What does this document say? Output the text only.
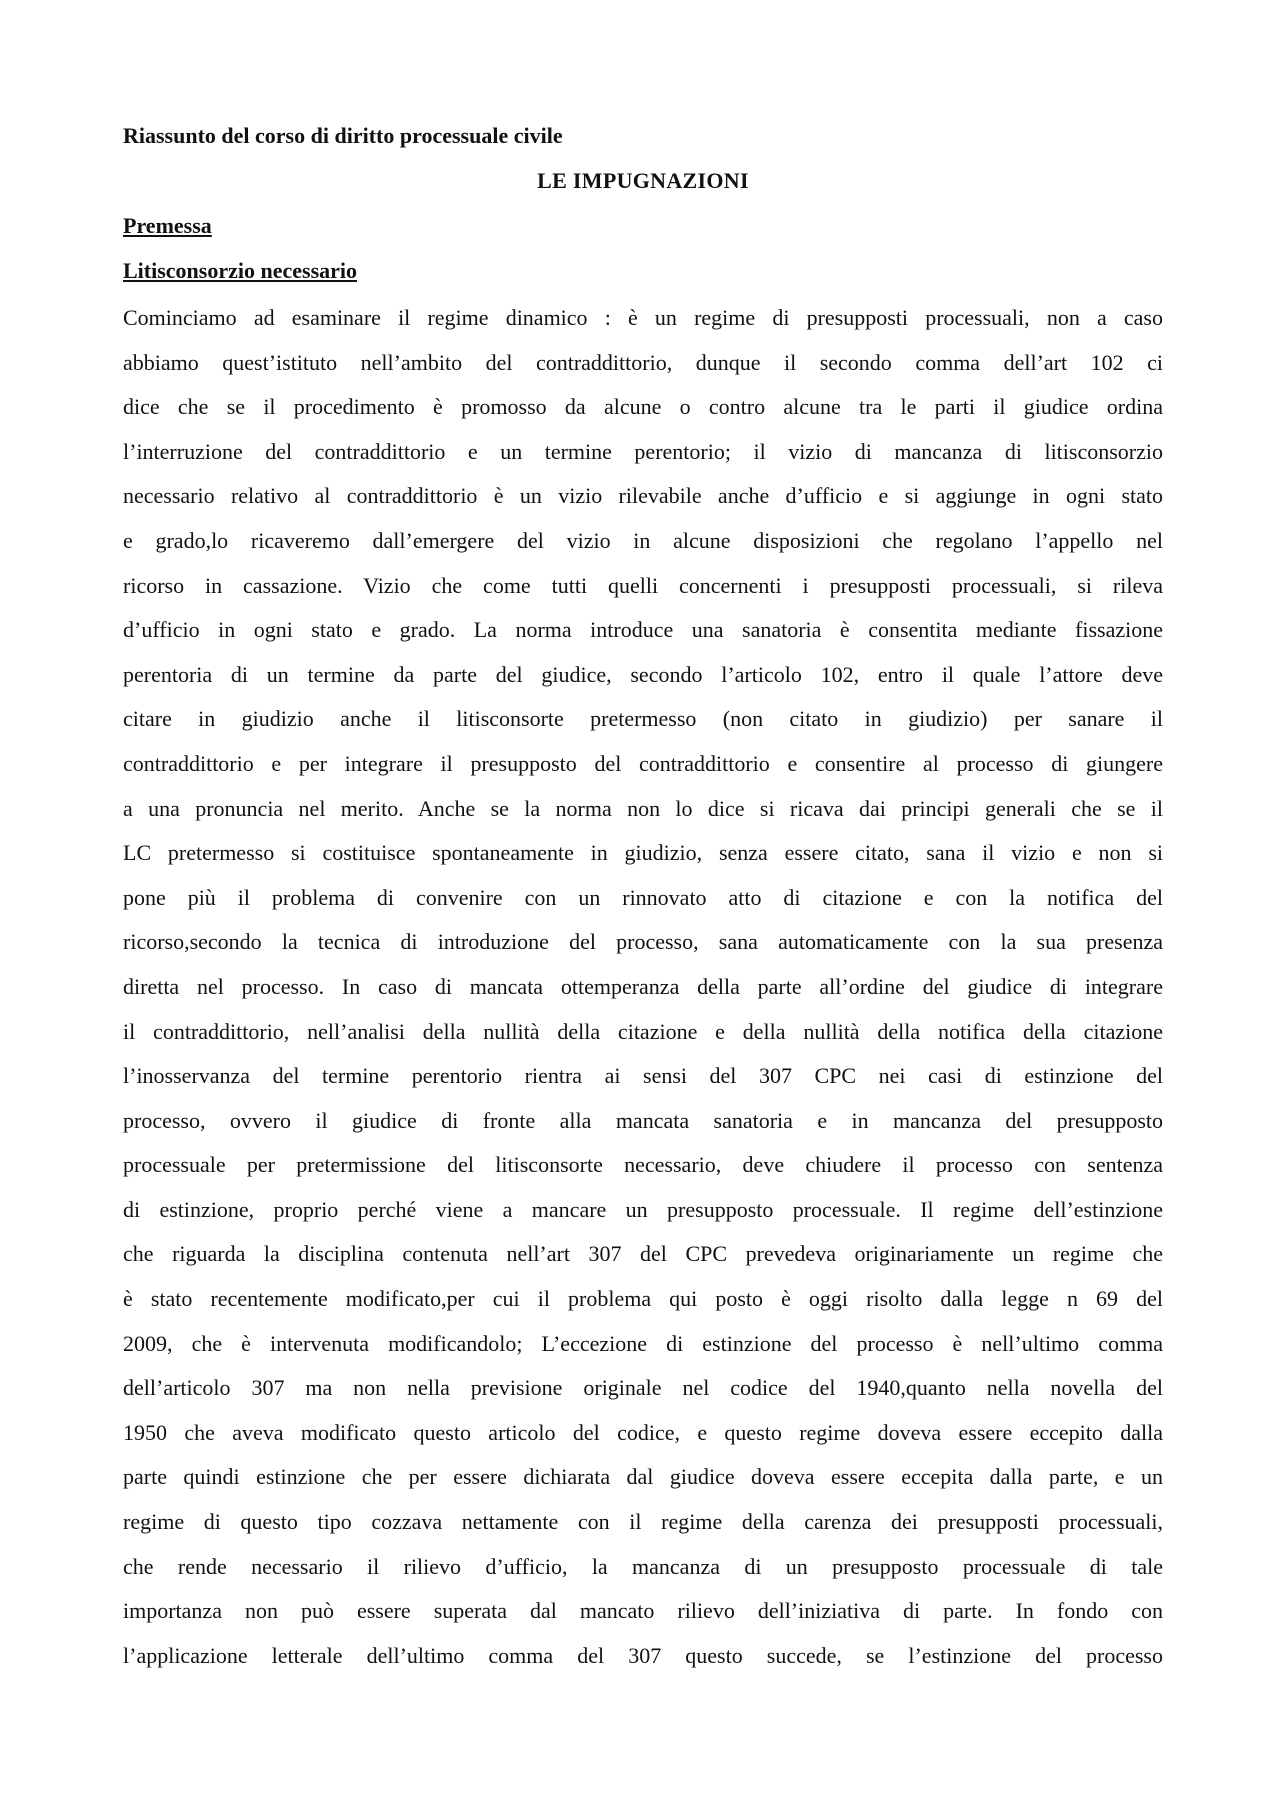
Riassunto del corso di diritto processuale civile
LE IMPUGNAZIONI
Premessa
Litisconsorzio necessario
Cominciamo ad esaminare il regime dinamico : è un regime di presupposti processuali, non a caso
abbiamo quest’istituto nell’ambito del contraddittorio, dunque il secondo comma dell’art 102 ci
dice che se il procedimento è promosso da alcune o contro alcune tra le parti il giudice ordina
l’interruzione del contraddittorio e un termine perentorio; il vizio di mancanza di litisconsorzio
necessario relativo al contraddittorio è un vizio rilevabile anche d’ufficio e si aggiunge in ogni stato
e grado,lo ricaveremo dall’emergere del vizio in alcune disposizioni che regolano l’appello nel
ricorso in cassazione. Vizio che come tutti quelli concernenti i presupposti processuali, si rileva
d’ufficio in ogni stato e grado. La norma introduce una sanatoria è consentita mediante fissazione
perentoria di un termine da parte del giudice, secondo l’articolo 102, entro il quale l’attore deve
citare in giudizio anche il litisconsorte pretermesso (non citato in giudizio) per sanare il
contraddittorio e per integrare il presupposto del contraddittorio e consentire al processo di giungere
a una pronuncia nel merito. Anche se la norma non lo dice si ricava dai principi generali che se il
LC pretermesso si costituisce spontaneamente in giudizio, senza essere citato, sana il vizio e non si
pone più il problema di convenire con un rinnovato atto di citazione e con la notifica del
ricorso,secondo la tecnica di introduzione del processo, sana automaticamente con la sua presenza
diretta nel processo. In caso di mancata ottemperanza della parte all’ordine del giudice di integrare
il contraddittorio, nell’analisi della nullità della citazione e della nullità della notifica della citazione
l’inosservanza del termine perentorio rientra ai sensi del 307 CPC nei casi di estinzione del
processo, ovvero il giudice di fronte alla mancata sanatoria e in mancanza del presupposto
processuale per pretermissione del litisconsorte necessario, deve chiudere il processo con sentenza
di estinzione, proprio perché viene a mancare un presupposto processuale. Il regime dell’estinzione
che riguarda la disciplina contenuta nell’art 307 del CPC prevedeva originariamente un regime che
è stato recentemente modificato,per cui il problema qui posto è oggi risolto dalla legge n 69 del
2009, che è intervenuta modificandolo; L’eccezione di estinzione del processo è nell’ultimo comma
dell’articolo 307 ma non nella previsione originale nel codice del 1940,quanto nella novella del
1950 che aveva modificato questo articolo del codice, e questo regime doveva essere eccepito dalla
parte quindi estinzione che per essere dichiarata dal giudice doveva essere eccepita dalla parte, e un
regime di questo tipo cozzava nettamente con il regime della carenza dei presupposti processuali,
che rende necessario il rilievo d’ufficio, la mancanza di un presupposto processuale di tale
importanza non può essere superata dal mancato rilievo dell’iniziativa di parte. In fondo con
l’applicazione letterale dell’ultimo comma del 307 questo succede, se l’estinzione del processo
